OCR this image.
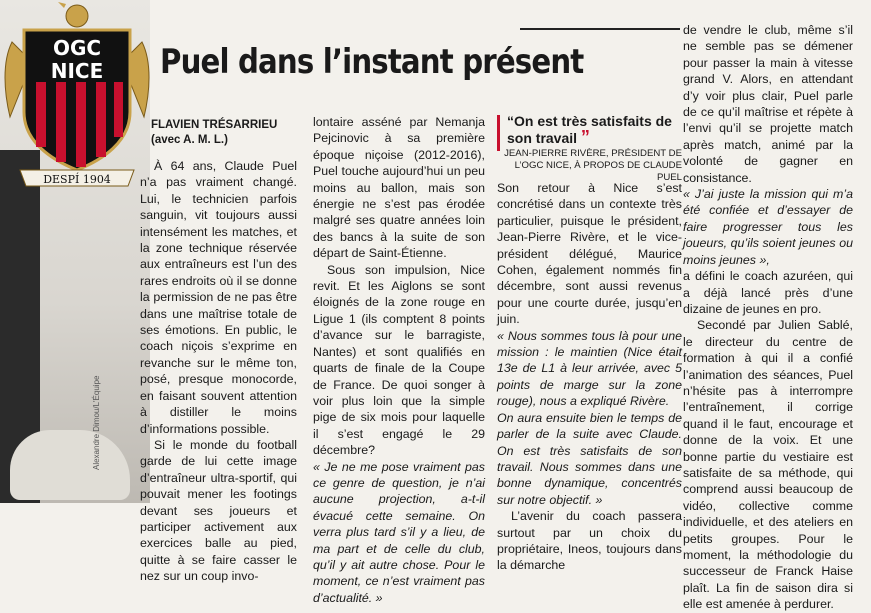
Alexandre Dimou/L'Équipe
OGC
NICE
DESPÍ 1904
Puel dans l’instant présent
FLAVIEN TRÉSARRIEU
(avec A. M. L.)

À 64 ans, Claude Puel n’a pas vraiment changé. Lui, le technicien parfois sanguin, vit toujours aussi intensément les matches, et la zone technique réservée aux entraîneurs est l’un des rares endroits où il se donne la permission de ne pas être dans une maîtrise totale de ses émotions. En public, le coach niçois s’exprime en revanche sur le même ton, posé, presque monocorde, en faisant souvent attention à distiller le moins d’informations possible.

Si le monde du football garde de lui cette image d’entraîneur ultra-sportif, qui pouvait mener les footings devant ses joueurs et participer activement aux exercices balle au pied, quitte à se faire casser le nez sur un coup invo-

lontaire asséné par Nemanja Pejcinovic à sa première époque niçoise (2012-2016), Puel touche aujourd’hui un peu moins au ballon, mais son énergie ne s’est pas érodée malgré ses quatre années loin des bancs à la suite de son départ de Saint-Étienne.

Sous son impulsion, Nice revit. Et les Aiglons se sont éloignés de la zone rouge en Ligue 1 (ils comptent 8 points d’avance sur le barragiste, Nantes) et sont qualifiés en quarts de finale de la Coupe de France. De quoi songer à voir plus loin que la simple pige de six mois pour laquelle il s’est engagé le 29 décembre?

« Je ne me pose vraiment pas ce genre de question, je n’ai aucune projection, a-t-il évacué cette semaine. On verra plus tard s’il y a lieu, de ma part et de celle du club, qu’il y ait autre chose. Pour le moment, ce n’est vraiment pas d’actualité. »

“On est très satisfaits de son travail ”
JEAN-PIERRE RIVÈRE, PRÉSIDENT DE L’OGC NICE, À PROPOS DE CLAUDE PUEL

Son retour à Nice s’est concrétisé dans un contexte très particulier, puisque le président, Jean-Pierre Rivère, et le vice-président délégué, Maurice Cohen, également nommés fin décembre, sont aussi revenus pour une courte durée, jusqu’en juin.

« Nous sommes tous là pour une mission : le maintien (Nice était 13e de L1 à leur arrivée, avec 5 points de marge sur la zone rouge), nous a expliqué Rivère.

On aura ensuite bien le temps de parler de la suite avec Claude. On est très satisfaits de son travail. Nous sommes dans une bonne dynamique, concentrés sur notre objectif. »

L’avenir du coach passera surtout par un choix du propriétaire, Ineos, toujours dans la démarche

de vendre le club, même s’il ne semble pas se démener pour passer la main à vitesse grand V. Alors, en attendant d’y voir plus clair, Puel parle de ce qu’il maîtrise et répète à l’envi qu’il se projette match après match, animé par la volonté de gagner en consistance.

« J’ai juste la mission qui m’a été confiée et d’essayer de faire progresser tous les joueurs, qu’ils soient jeunes ou moins jeunes »,

a défini le coach azuréen, qui a déjà lancé près d’une dizaine de jeunes en pro.

Secondé par Julien Sablé, le directeur du centre de formation à qui il a confié l’animation des séances, Puel n’hésite pas à interrompre l’entraînement, il corrige quand il le faut, encourage et donne de la voix. Et une bonne partie du vestiaire est satisfaite de sa méthode, qui comprend aussi beaucoup de vidéo, collective comme individuelle, et des ateliers en petits groupes. Pour le moment, la méthodologie du successeur de Franck Haise plaît. La fin de saison dira si elle est amenée à perdurer.
